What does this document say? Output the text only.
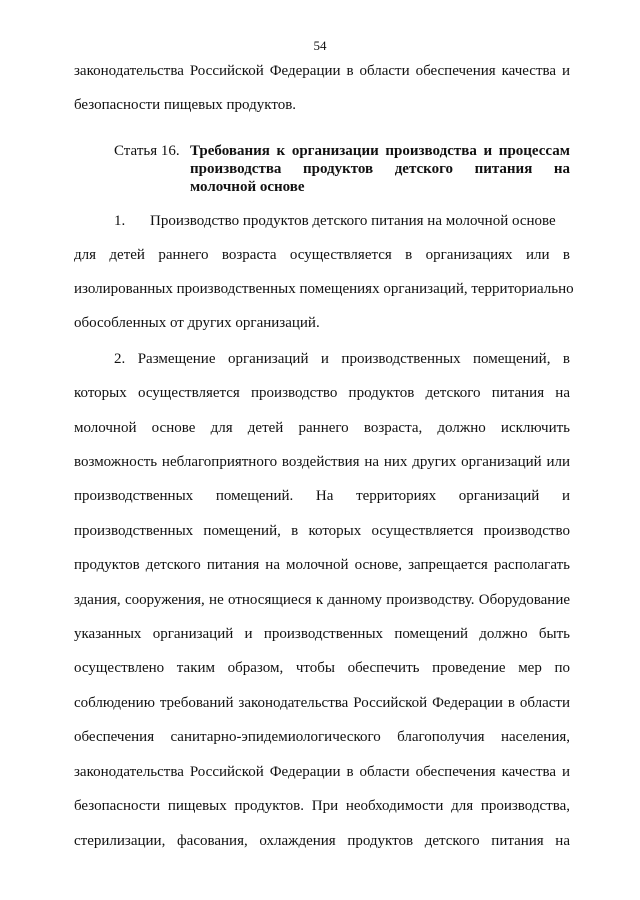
54
законодательства Российской Федерации в области обеспечения качества и
безопасности пищевых продуктов.
Статья 16. Требования к организации производства и процессам
производства продуктов детского питания на
молочной основе
1. Производство продуктов детского питания на молочной основе
для детей раннего возраста осуществляется в организациях или в
изолированных производственных помещениях организаций, территориально
обособленных от других организаций.
2. Размещение организаций и производственных помещений, в
которых осуществляется производство продуктов детского питания на
молочной основе для детей раннего возраста, должно исключить
возможность неблагоприятного воздействия на них других организаций или
производственных помещений. На территориях организаций и
производственных помещений, в которых осуществляется производство
продуктов детского питания на молочной основе, запрещается располагать
здания, сооружения, не относящиеся к данному производству. Оборудование
указанных организаций и производственных помещений должно быть
осуществлено таким образом, чтобы обеспечить проведение мер по
соблюдению требований законодательства Российской Федерации в области
обеспечения санитарно-эпидемиологического благополучия населения,
законодательства Российской Федерации в области обеспечения качества и
безопасности пищевых продуктов. При необходимости для производства,
стерилизации, фасования, охлаждения продуктов детского питания на
